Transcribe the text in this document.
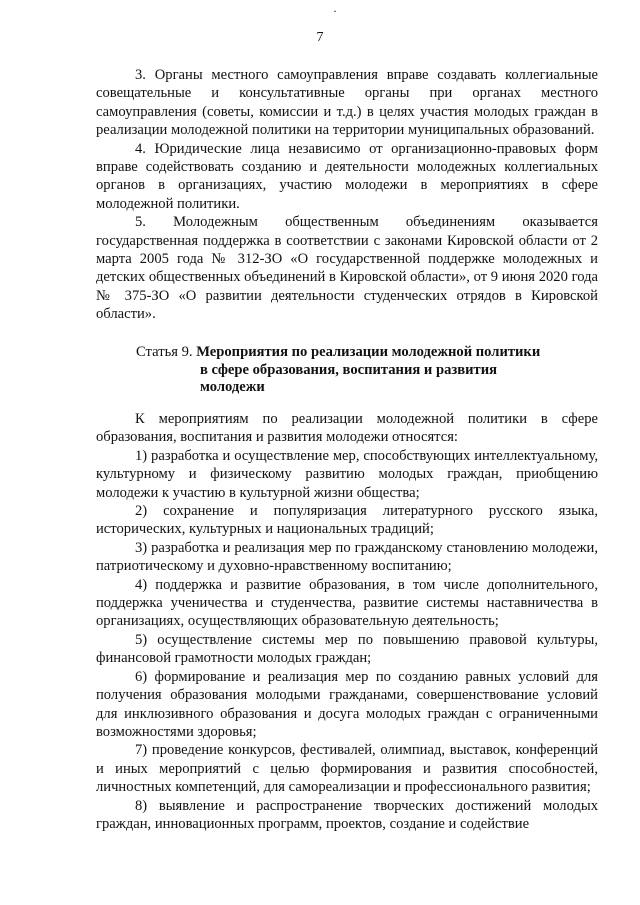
·
7

3. Органы местного самоуправления вправе создавать коллегиальные совещательные и консультативные органы при органах местного самоуправления (советы, комиссии и т.д.) в целях участия молодых граждан в реализации молодежной политики на территории муниципальных образований.

4. Юридические лица независимо от организационно-правовых форм вправе содействовать созданию и деятельности молодежных коллегиальных органов в организациях, участию молодежи в мероприятиях в сфере молодежной политики.

5. Молодежным общественным объединениям оказывается государственная поддержка в соответствии с законами Кировской области от 2 марта 2005 года № 312-ЗО «О государственной поддержке молодежных и детских общественных объединений в Кировской области», от 9 июня 2020 года № 375-ЗО «О развитии деятельности студенческих отрядов в Кировской области».

Статья 9. Мероприятия по реализации молодежной политики
в сфере образования, воспитания и развития
молодежи

К мероприятиям по реализации молодежной политики в сфере образования, воспитания и развития молодежи относятся:

1) разработка и осуществление мер, способствующих интеллектуальному, культурному и физическому развитию молодых граждан, приобщению молодежи к участию в культурной жизни общества;

2) сохранение и популяризация литературного русского языка, исторических, культурных и национальных традиций;

3) разработка и реализация мер по гражданскому становлению молодежи, патриотическому и духовно-нравственному воспитанию;

4) поддержка и развитие образования, в том числе дополнительного, поддержка ученичества и студенчества, развитие системы наставничества в организациях, осуществляющих образовательную деятельность;

5) осуществление системы мер по повышению правовой культуры, финансовой грамотности молодых граждан;

6) формирование и реализация мер по созданию равных условий для получения образования молодыми гражданами, совершенствование условий для инклюзивного образования и досуга молодых граждан с ограниченными возможностями здоровья;

7) проведение конкурсов, фестивалей, олимпиад, выставок, конференций и иных мероприятий с целью формирования и развития способностей, личностных компетенций, для самореализации и профессионального развития;

8) выявление и распространение творческих достижений молодых граждан, инновационных программ, проектов, создание и содействие
